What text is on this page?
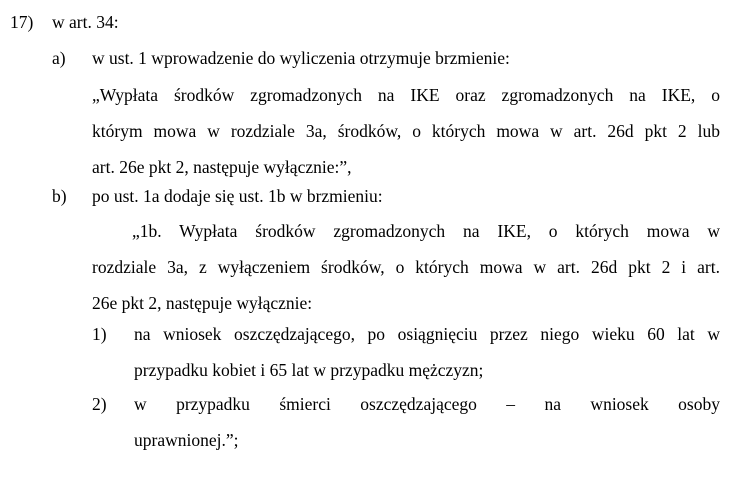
17) w art. 34:
a) w ust. 1 wprowadzenie do wyliczenia otrzymuje brzmienie:
„Wypłata środków zgromadzonych na IKE oraz zgromadzonych na IKE, o
którym mowa w rozdziale 3a, środków, o których mowa w art. 26d pkt 2 lub
art. 26e pkt 2, następuje wyłącznie:”,
b) po ust. 1a dodaje się ust. 1b w brzmieniu:
„1b. Wypłata środków zgromadzonych na IKE, o których mowa w
rozdziale 3a, z wyłączeniem środków, o których mowa w art. 26d pkt 2 i art.
26e pkt 2, następuje wyłącznie:
1) na wniosek oszczędzającego, po osiągnięciu przez niego wieku 60 lat w
przypadku kobiet i 65 lat w przypadku mężczyzn;
2) w przypadku śmierci oszczędzającego – na wniosek osoby
uprawnionej.”;
